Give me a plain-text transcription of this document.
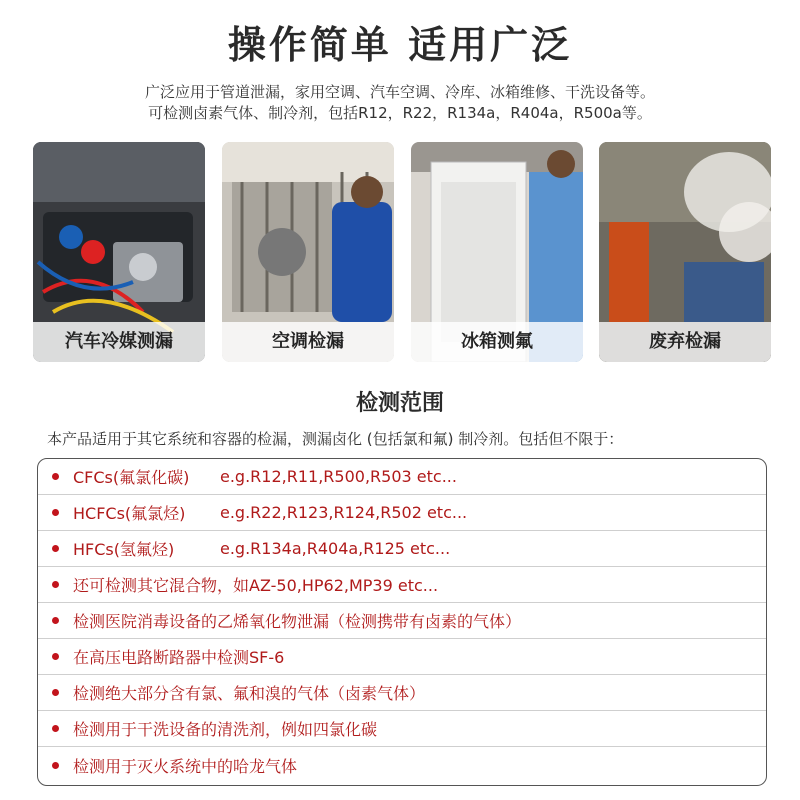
操作简单 适用广泛
广泛应用于管道泄漏，家用空调、汽车空调、冷库、冰箱维修、干洗设备等。
可检测卤素气体、制冷剂，包括R12，R22，R134a，R404a，R500a等。
汽车冷媒测漏	空调检漏	冰箱测氟	废弃检漏
检测范围
本产品适用于其它系统和容器的检漏，测漏卤化 (包括氯和氟) 制冷剂。包括但不限于：
CFCs(氟氯化碳)	e.g.R12,R11,R500,R503 etc...
HCFCs(氟氯烃)	e.g.R22,R123,R124,R502 etc...
HFCs(氢氟烃)	e.g.R134a,R404a,R125 etc...
还可检测其它混合物，如AZ-50,HP62,MP39 etc...
检测医院消毒设备的乙烯氧化物泄漏（检测携带有卤素的气体）
在高压电路断路器中检测SF-6
检测绝大部分含有氯、氟和溴的气体（卤素气体）
检测用于干洗设备的清洗剂，例如四氯化碳
检测用于灭火系统中的哈龙气体
